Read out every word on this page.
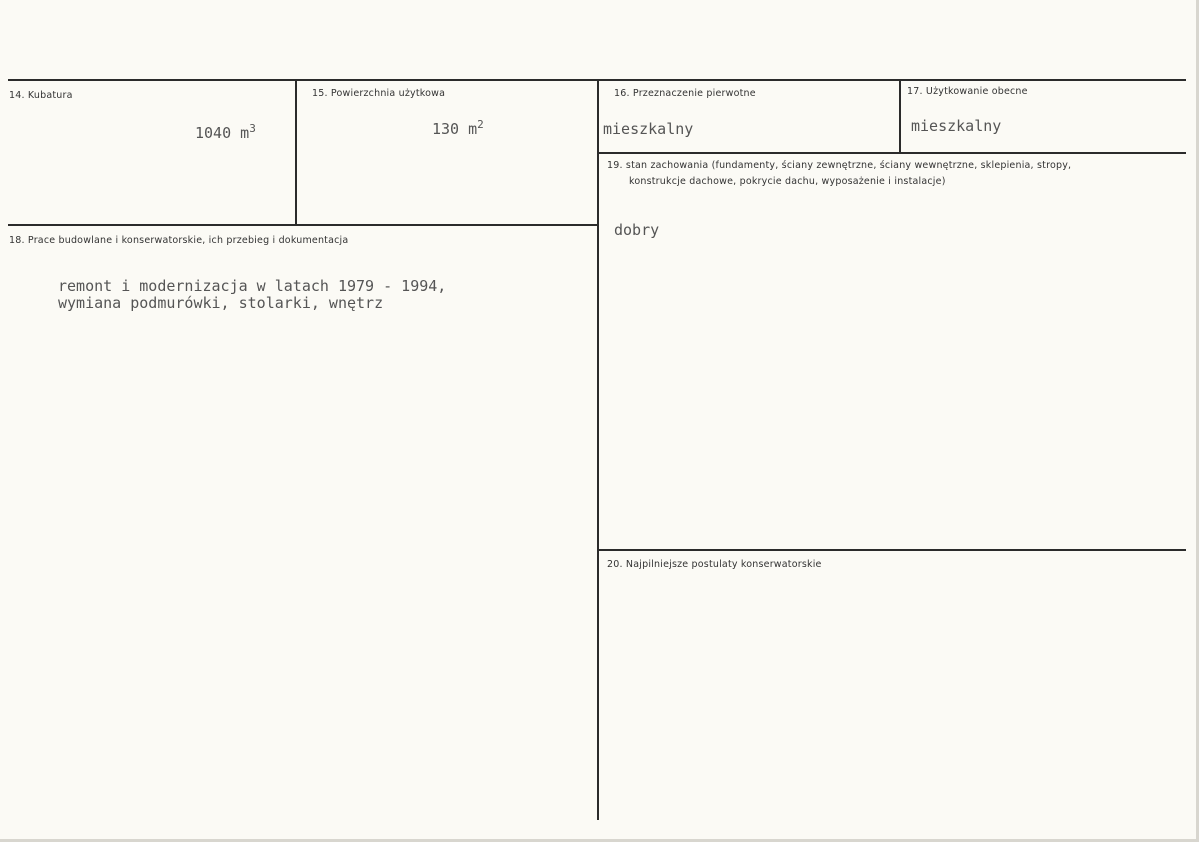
14. Kubatura
1040 $m^3$
15. Powierzchnia użytkowa
130 $m^2$
16. Przeznaczenie pierwotne
mieszkalny
17. Użytkowanie obecne
mieszkalny
19. stan zachowania (fundamenty, ściany zewnętrzne, ściany wewnętrzne, sklepienia, stropy,
konstrukcje dachowe, pokrycie dachu, wyposażenie i instalacje)
dobry
18. Prace budowlane i konserwatorskie, ich przebieg i dokumentacja
remont i modernizacja w latach 1979 - 1994,
wymiana podmurówki, stolarki, wnętrz
20. Najpilniejsze postulaty konserwatorskie
